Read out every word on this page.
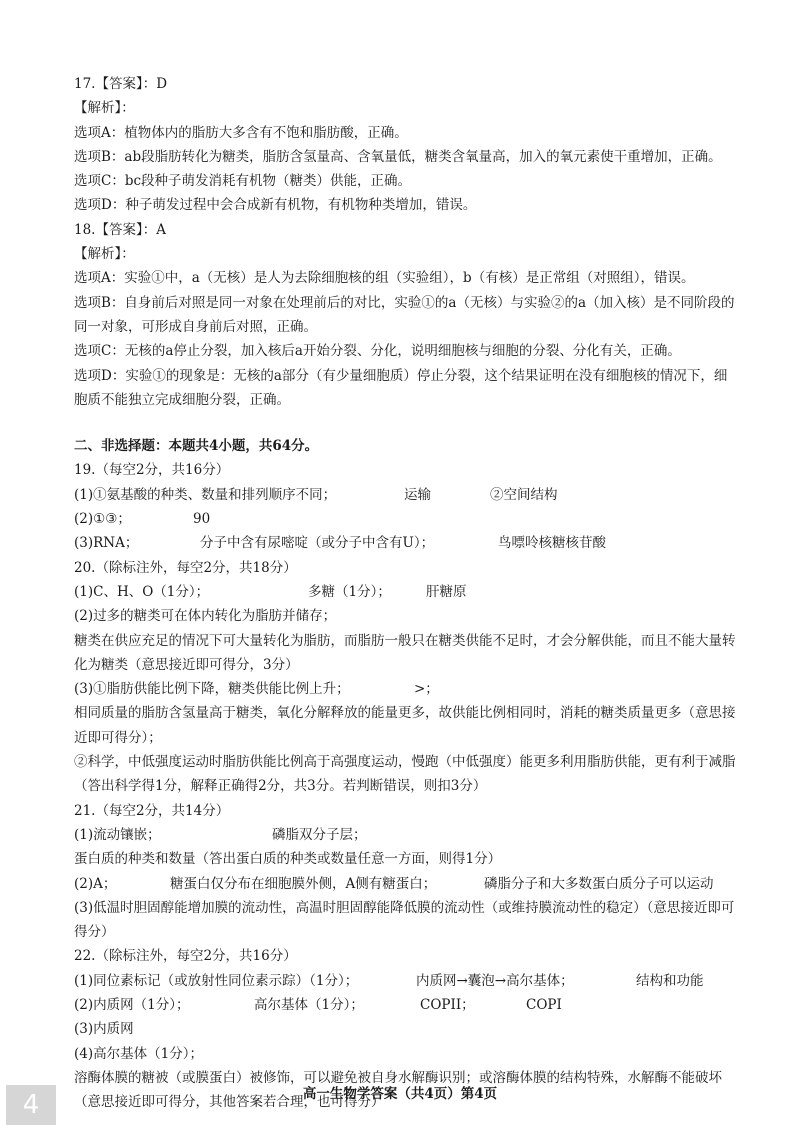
17.【答案】：D
【解析】：
选项A：植物体内的脂肪大多含有不饱和脂肪酸，正确。
选项B：ab段脂肪转化为糖类，脂肪含氢量高、含氧量低，糖类含氧量高，加入的氧元素使干重增加，正确。
选项C：bc段种子萌发消耗有机物（糖类）供能，正确。
选项D：种子萌发过程中会合成新有机物，有机物种类增加，错误。
18.【答案】：A
【解析】：
选项A：实验①中，a（无核）是人为去除细胞核的组（实验组），b（有核）是正常组（对照组），错误。
选项B：自身前后对照是同一对象在处理前后的对比，实验①的a（无核）与实验②的a（加入核）是不同阶段的同一对象，可形成自身前后对照，正确。
选项C：无核的a停止分裂，加入核后a开始分裂、分化，说明细胞核与细胞的分裂、分化有关，正确。
选项D：实验①的现象是：无核的a部分（有少量细胞质）停止分裂，这个结果证明在没有细胞核的情况下，细胞质不能独立完成细胞分裂，正确。
二、非选择题：本题共4小题，共64分。
19.（每空2分，共16分）
(1)①氨基酸的种类、数量和排列顺序不同；	运输	②空间结构
(2)①③；	90
(3)RNA；	分子中含有尿嘧啶（或分子中含有U）；	鸟嘌呤核糖核苷酸
20.（除标注外，每空2分，共18分）
(1)C、H、O（1分）；	多糖（1分）；	肝糖原
(2)过多的糖类可在体内转化为脂肪并储存；
糖类在供应充足的情况下可大量转化为脂肪，而脂肪一般只在糖类供能不足时，才会分解供能，而且不能大量转化为糖类（意思接近即可得分，3分）
(3)①脂肪供能比例下降，糖类供能比例上升；	>；
相同质量的脂肪含氢量高于糖类，氧化分解释放的能量更多，故供能比例相同时，消耗的糖类质量更多（意思接近即可得分）；
②科学，中低强度运动时脂肪供能比例高于高强度运动，慢跑（中低强度）能更多利用脂肪供能，更有利于减脂（答出科学得1分，解释正确得2分，共3分。若判断错误，则扣3分）
21.（每空2分，共14分）
(1)流动镶嵌；	磷脂双分子层；
蛋白质的种类和数量（答出蛋白质的种类或数量任意一方面，则得1分）
(2)A；	糖蛋白仅分布在细胞膜外侧，A侧有糖蛋白；	磷脂分子和大多数蛋白质分子可以运动
(3)低温时胆固醇能增加膜的流动性，高温时胆固醇能降低膜的流动性（或维持膜流动性的稳定）（意思接近即可得分）
22.（除标注外，每空2分，共16分）
(1)同位素标记（或放射性同位素示踪）（1分）；	内质网→囊泡→高尔基体；	结构和功能
(2)内质网（1分）；	高尔基体（1分）；	COPII；	COPI
(3)内质网
(4)高尔基体（1分）；
溶酶体膜的糖被（或膜蛋白）被修饰，可以避免被自身水解酶识别；或溶酶体膜的结构特殊，水解酶不能破坏（意思接近即可得分，其他答案若合理，也可得分）
高一生物学答案（共4页）第4页
4
